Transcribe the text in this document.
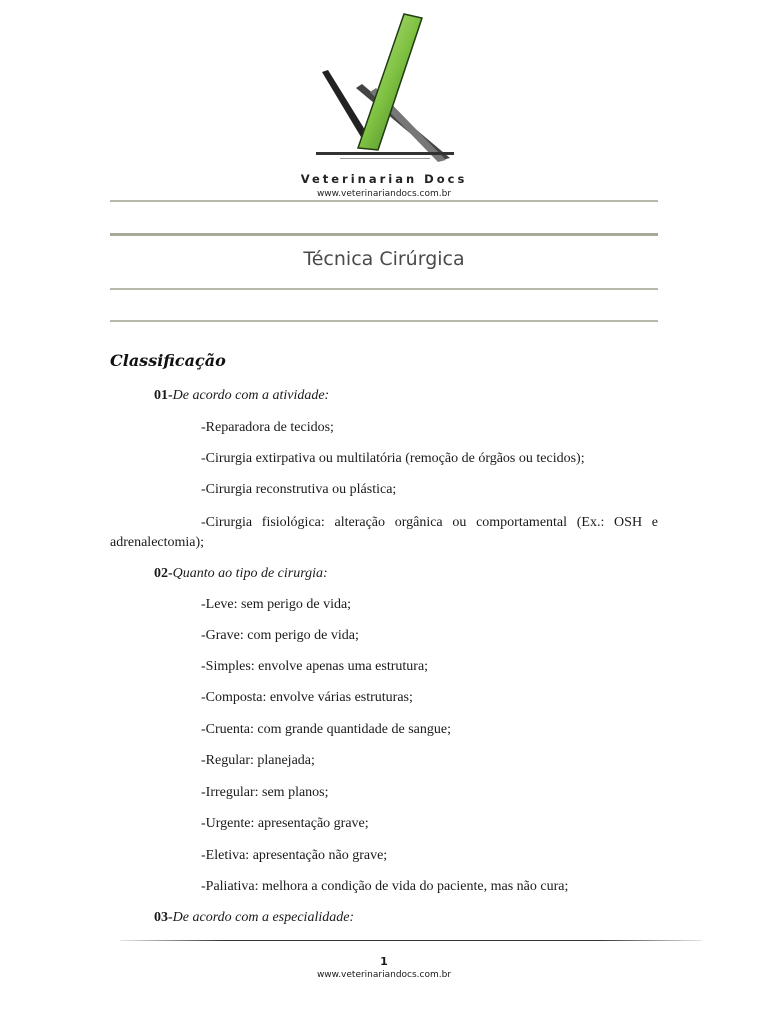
Veterinarian Docs
www.veterinariandocs.com.br
Técnica Cirúrgica
Classificação
01-De acordo com a atividade:
-Reparadora de tecidos;
-Cirurgia extirpativa ou multilatória (remoção de órgãos ou tecidos);
-Cirurgia reconstrutiva ou plástica;
-Cirurgia fisiológica: alteração orgânica ou comportamental (Ex.: OSH e
adrenalectomia);
02-Quanto ao tipo de cirurgia:
-Leve: sem perigo de vida;
-Grave: com perigo de vida;
-Simples: envolve apenas uma estrutura;
-Composta: envolve várias estruturas;
-Cruenta: com grande quantidade de sangue;
-Regular: planejada;
-Irregular: sem planos;
-Urgente: apresentação grave;
-Eletiva: apresentação não grave;
-Paliativa: melhora a condição de vida do paciente, mas não cura;
03-De acordo com a especialidade:
1
www.veterinariandocs.com.br
